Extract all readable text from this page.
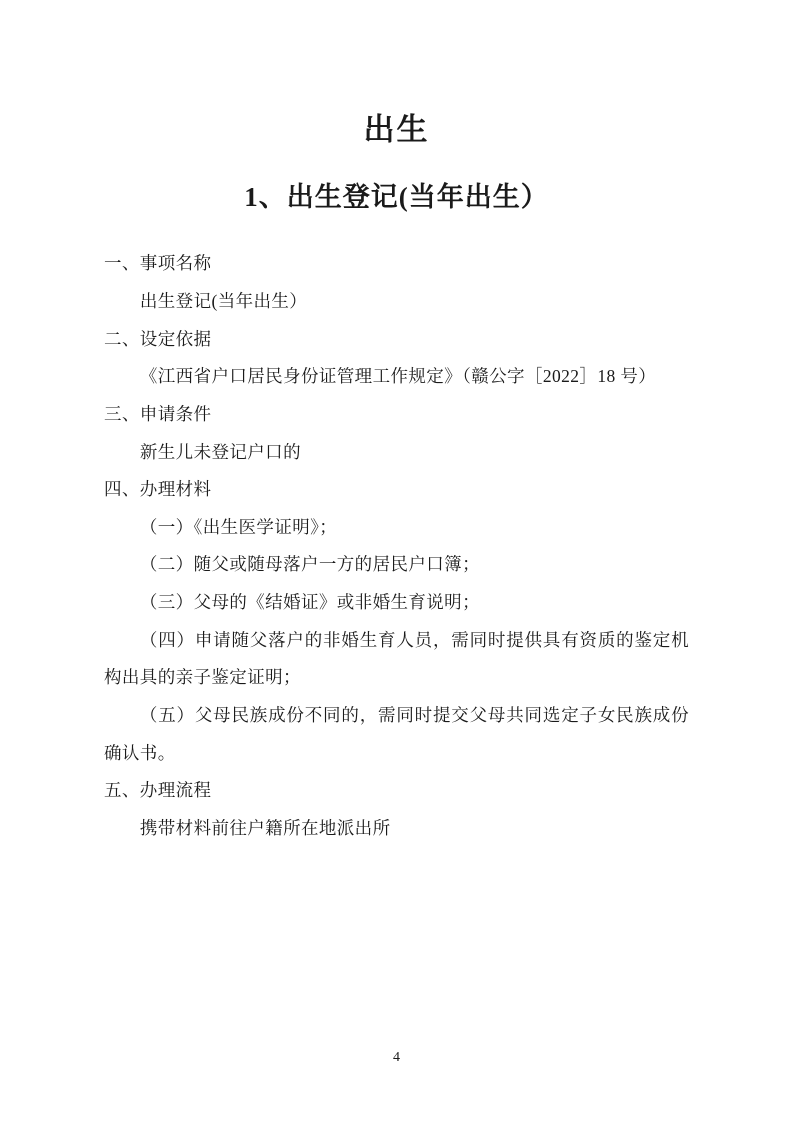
出生
1、出生登记(当年出生）

一、事项名称

出生登记(当年出生）

二、设定依据

《江西省户口居民身份证管理工作规定》（赣公字［2022］18 号）

三、申请条件

新生儿未登记户口的

四、办理材料

（一）《出生医学证明》；

（二）随父或随母落户一方的居民户口簿；

（三）父母的《结婚证》或非婚生育说明；

（四）申请随父落户的非婚生育人员，需同时提供具有资质的鉴定机构出具的亲子鉴定证明；

（五）父母民族成份不同的，需同时提交父母共同选定子女民族成份确认书。

五、办理流程

携带材料前往户籍所在地派出所

4
